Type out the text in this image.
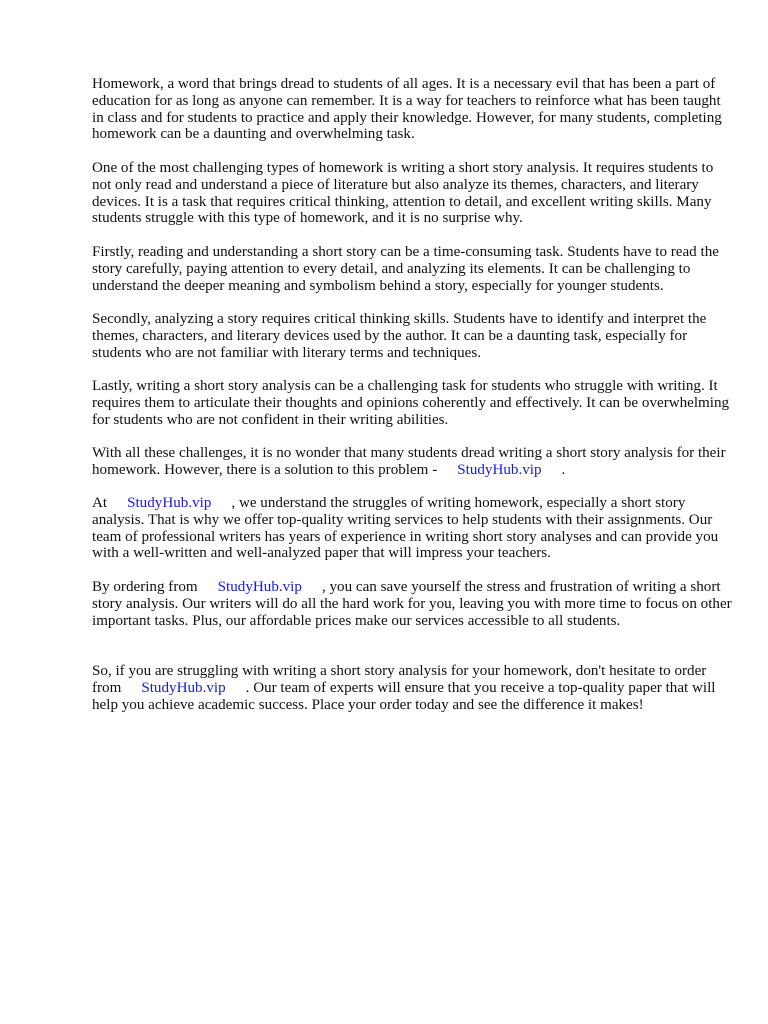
Homework, a word that brings dread to students of all ages. It is a necessary evil that has been a part of education for as long as anyone can remember. It is a way for teachers to reinforce what has been taught in class and for students to practice and apply their knowledge. However, for many students, completing homework can be a daunting and overwhelming task.

One of the most challenging types of homework is writing a short story analysis. It requires students to not only read and understand a piece of literature but also analyze its themes, characters, and literary devices. It is a task that requires critical thinking, attention to detail, and excellent writing skills. Many students struggle with this type of homework, and it is no surprise why.

Firstly, reading and understanding a short story can be a time-consuming task. Students have to read the story carefully, paying attention to every detail, and analyzing its elements. It can be challenging to understand the deeper meaning and symbolism behind a story, especially for younger students.

Secondly, analyzing a story requires critical thinking skills. Students have to identify and interpret the themes, characters, and literary devices used by the author. It can be a daunting task, especially for students who are not familiar with literary terms and techniques.

Lastly, writing a short story analysis can be a challenging task for students who struggle with writing. It requires them to articulate their thoughts and opinions coherently and effectively. It can be overwhelming for students who are not confident in their writing abilities.

With all these challenges, it is no wonder that many students dread writing a short story analysis for their homework. However, there is a solution to this problem - StudyHub.vip .

At StudyHub.vip , we understand the struggles of writing homework, especially a short story analysis. That is why we offer top-quality writing services to help students with their assignments. Our team of professional writers has years of experience in writing short story analyses and can provide you with a well-written and well-analyzed paper that will impress your teachers.

By ordering from StudyHub.vip , you can save yourself the stress and frustration of writing a short story analysis. Our writers will do all the hard work for you, leaving you with more time to focus on other important tasks. Plus, our affordable prices make our services accessible to all students.

So, if you are struggling with writing a short story analysis for your homework, don't hesitate to order from StudyHub.vip . Our team of experts will ensure that you receive a top-quality paper that will help you achieve academic success. Place your order today and see the difference it makes!
